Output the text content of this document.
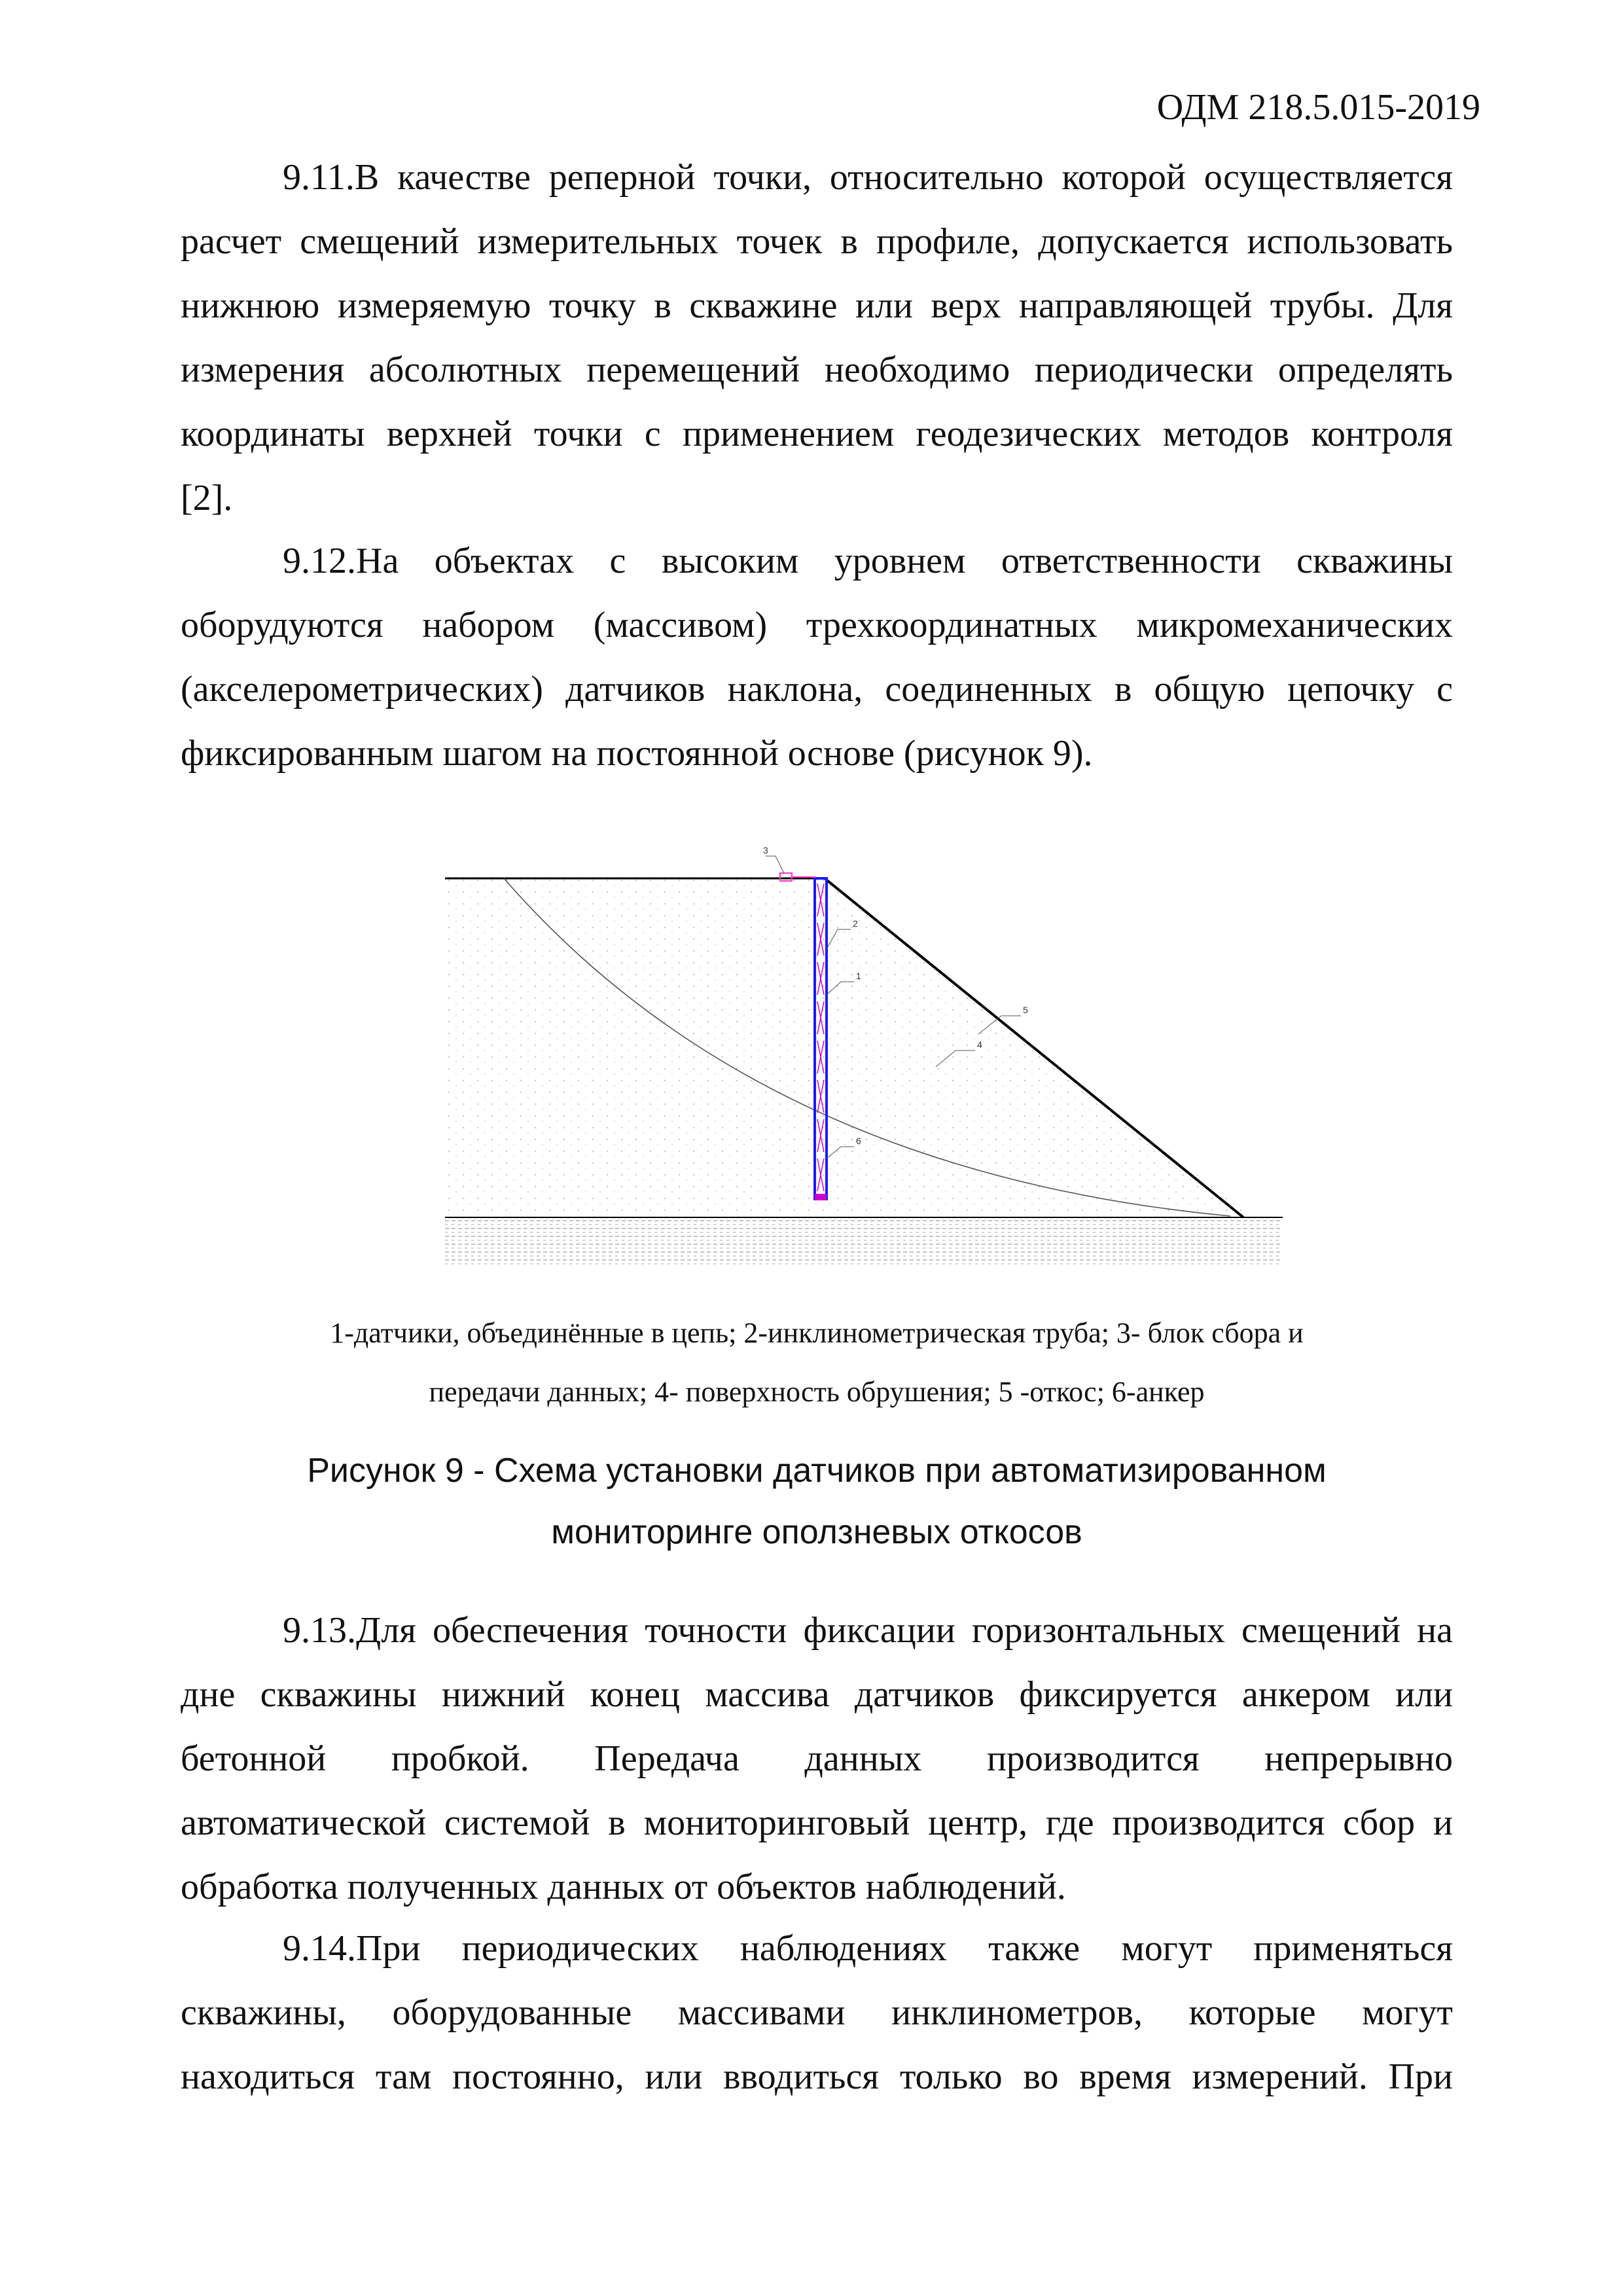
ОДМ 218.5.015-2019
9.11.В качестве реперной точки, относительно которой осуществляется
расчет смещений измерительных точек в профиле, допускается использовать
нижнюю измеряемую точку в скважине или верх направляющей трубы. Для
измерения абсолютных перемещений необходимо периодически определять
координаты верхней точки с применением геодезических методов контроля
[2].
9.12.На объектах с высоким уровнем ответственности скважины
оборудуются набором (массивом) трехкоординатных микромеханических
(акселерометрических) датчиков наклона, соединенных в общую цепочку с
фиксированным шагом на постоянной основе (рисунок 9).
3
2
1
4
5
6
1-датчики, объединённые в цепь; 2-инклинометрическая труба; 3- блок сбора и
передачи данных; 4- поверхность обрушения; 5 -откос; 6-анкер
Рисунок 9 - Схема установки датчиков при автоматизированном
мониторинге оползневых откосов
9.13.Для обеспечения точности фиксации горизонтальных смещений на
дне скважины нижний конец массива датчиков фиксируется анкером или
бетонной пробкой. Передача данных производится непрерывно
автоматической системой в мониторинговый центр, где производится сбор и
обработка полученных данных от объектов наблюдений.
9.14.При периодических наблюдениях также могут применяться
скважины, оборудованные массивами инклинометров, которые могут
находиться там постоянно, или вводиться только во время измерений. При
